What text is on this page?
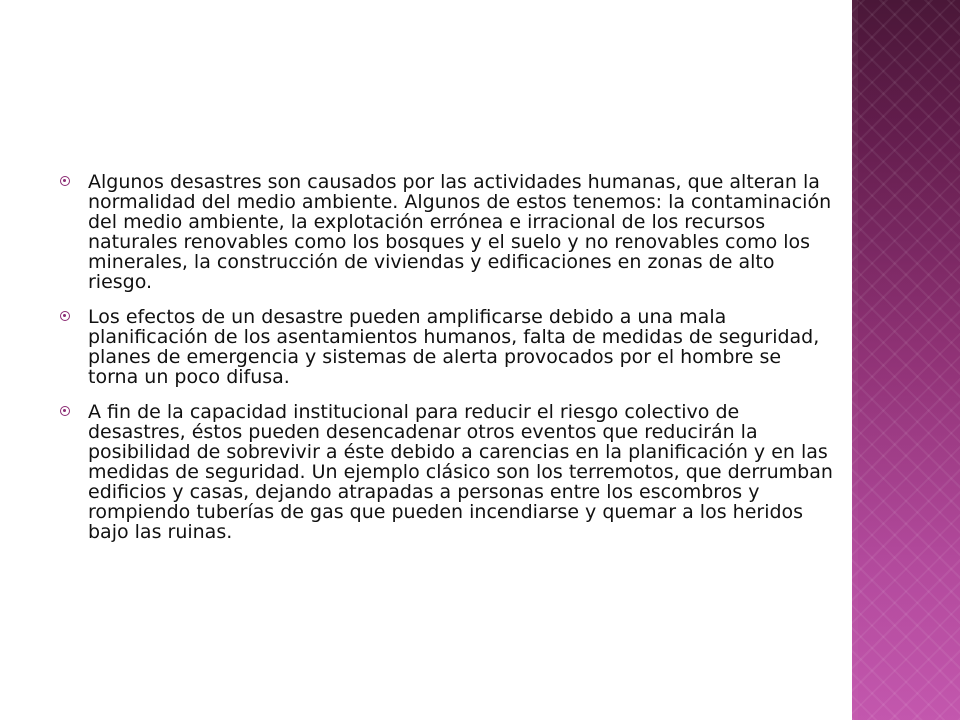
Algunos desastres son causados por las actividades humanas, que alteran la normalidad del medio ambiente. Algunos de estos tenemos: la contaminación del medio ambiente, la explotación errónea e irracional de los recursos naturales renovables como los bosques y el suelo y no renovables como los minerales, la construcción de viviendas y edificaciones en zonas de alto riesgo.
Los efectos de un desastre pueden amplificarse debido a una mala planificación de los asentamientos humanos, falta de medidas de seguridad, planes de emergencia y sistemas de alerta provocados por el hombre se torna un poco difusa.
A fin de la capacidad institucional para reducir el riesgo colectivo de desastres, éstos pueden desencadenar otros eventos que reducirán la posibilidad de sobrevivir a éste debido a carencias en la planificación y en las medidas de seguridad. Un ejemplo clásico son los terremotos, que derrumban edificios y casas, dejando atrapadas a personas entre los escombros y rompiendo tuberías de gas que pueden incendiarse y quemar a los heridos bajo las ruinas.
